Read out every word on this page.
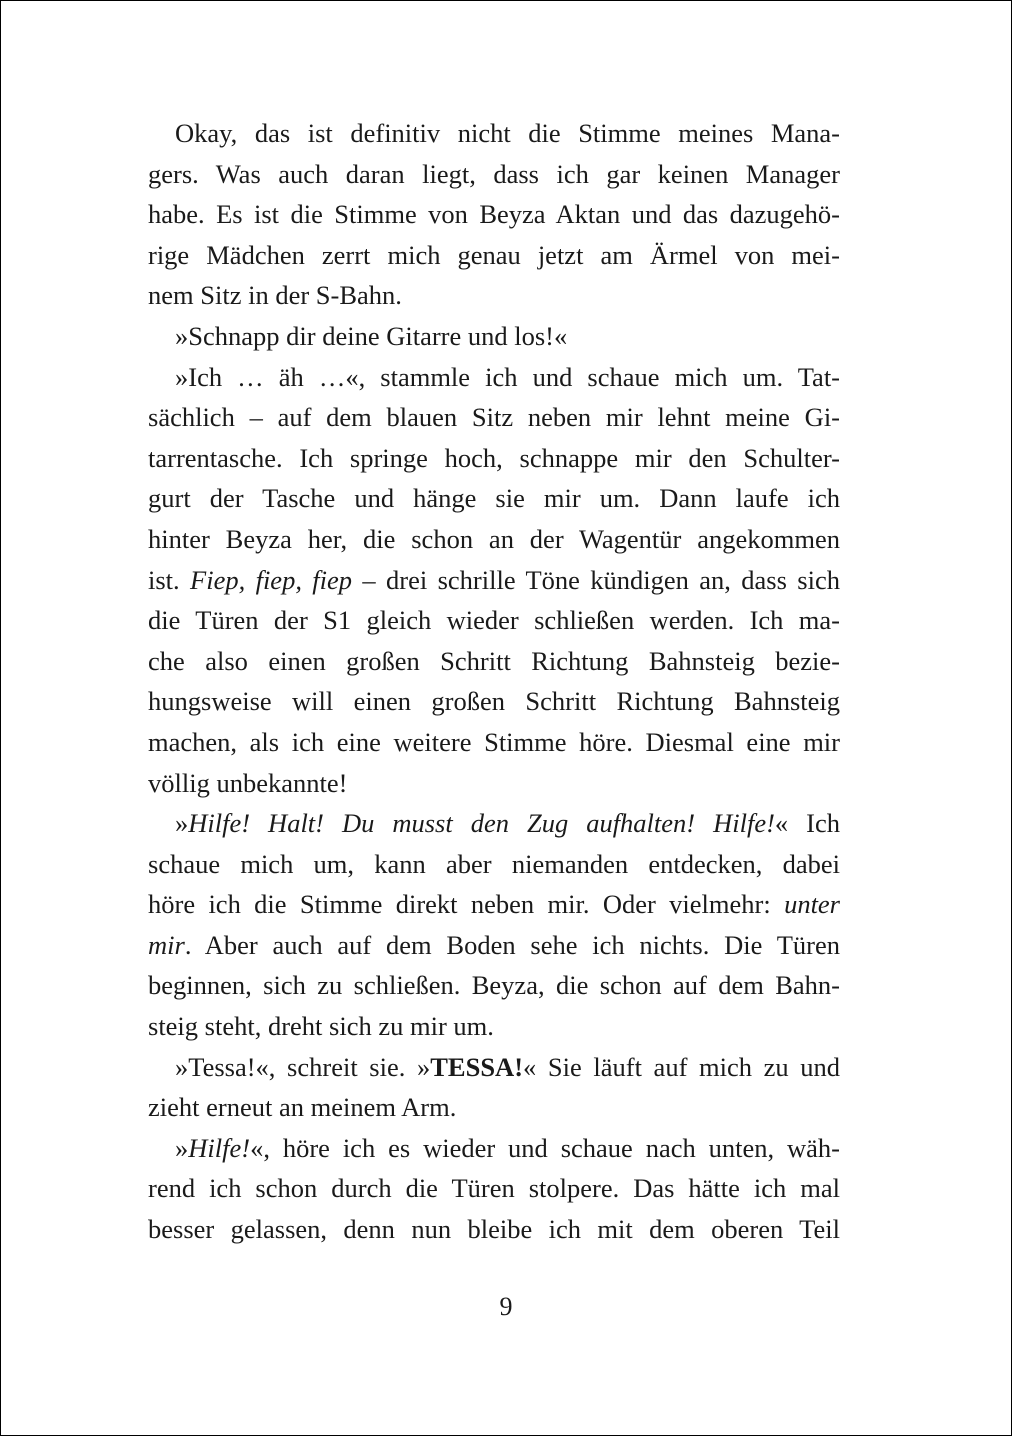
Okay, das ist definitiv nicht die Stimme meines Mana-
gers. Was auch daran liegt, dass ich gar keinen Manager
habe. Es ist die Stimme von Beyza Aktan und das dazugehö-
rige Mädchen zerrt mich genau jetzt am Ärmel von mei-
nem Sitz in der S-Bahn.
»Schnapp dir deine Gitarre und los!«
»Ich … äh …«, stammle ich und schaue mich um. Tat-
sächlich – auf dem blauen Sitz neben mir lehnt meine Gi-
tarrentasche. Ich springe hoch, schnappe mir den Schulter-
gurt der Tasche und hänge sie mir um. Dann laufe ich
hinter Beyza her, die schon an der Wagentür angekommen
ist. Fiep, fiep, fiep – drei schrille Töne kündigen an, dass sich
die Türen der S1 gleich wieder schließen werden. Ich ma-
che also einen großen Schritt Richtung Bahnsteig bezie-
hungsweise will einen großen Schritt Richtung Bahnsteig
machen, als ich eine weitere Stimme höre. Diesmal eine mir
völlig unbekannte!
»Hilfe! Halt! Du musst den Zug aufhalten! Hilfe!« Ich
schaue mich um, kann aber niemanden entdecken, dabei
höre ich die Stimme direkt neben mir. Oder vielmehr: unter
mir. Aber auch auf dem Boden sehe ich nichts. Die Türen
beginnen, sich zu schließen. Beyza, die schon auf dem Bahn-
steig steht, dreht sich zu mir um.
»Tessa!«, schreit sie. »TESSA!« Sie läuft auf mich zu und
zieht erneut an meinem Arm.
»Hilfe!«, höre ich es wieder und schaue nach unten, wäh-
rend ich schon durch die Türen stolpere. Das hätte ich mal
besser gelassen, denn nun bleibe ich mit dem oberen Teil
9
